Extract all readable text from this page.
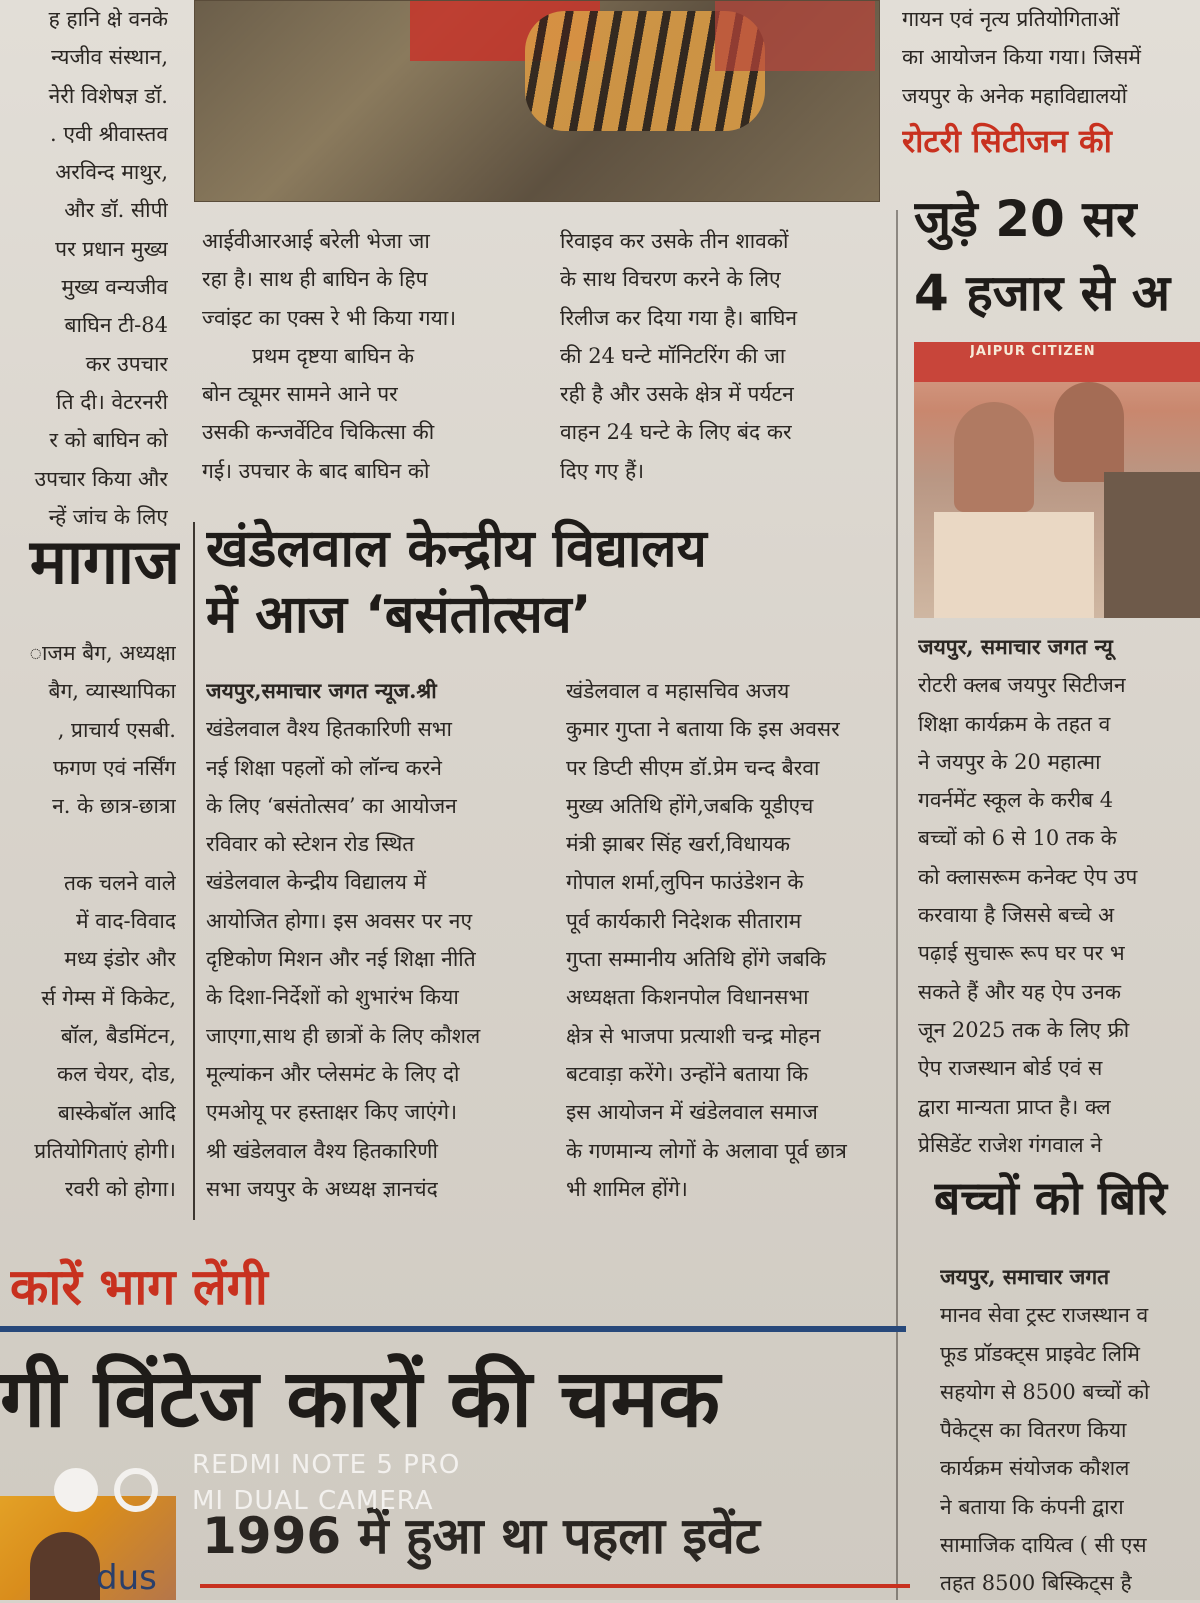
ह हानि क्षे वनके
न्यजीव संस्थान,
नेरी विशेषज्ञ डॉ.
. एवी श्रीवास्तव
अरविन्द माथुर,
और डॉ. सीपी
पर प्रधान मुख्य
मुख्य वन्यजीव
बाघिन टी-84
कर उपचार
ति दी। वेटरनरी
र को बाघिन को
उपचार किया और
न्हें जांच के लिए
आईवीआरआई बरेली भेजा जा
रहा है। साथ ही बाघिन के हिप
ज्वांइट का एक्स रे भी किया गया।
प्रथम दृष्टया बाघिन के
बोन ट्यूमर सामने आने पर
उसकी कन्जर्वेटिव चिकित्सा की
गई। उपचार के बाद बाघिन को
रिवाइव कर उसके तीन शावकों
के साथ विचरण करने के लिए
रिलीज कर दिया गया है। बाघिन
की 24 घन्टे मॉनिटरिंग की जा
रही है और उसके क्षेत्र में पर्यटन
वाहन 24 घन्टे के लिए बंद कर
दिए गए हैं।
मागाज
ाजम बैग, अध्यक्षा
बैग, व्यास्थापिका
, प्राचार्य एसबी.
फगण एवं नर्सिंग
न. के छात्र-छात्रा
तक चलने वाले
में वाद-विवाद
मध्य इंडोर और
र्स गेम्स में किकेट,
बॉल, बैडमिंटन,
कल चेयर, दोड,
बास्केबॉल आदि
प्रतियोगिताएं होगी।
रवरी को होगा।
खंडेलवाल केन्द्रीय विद्यालय
में आज ‘बसंतोत्सव’
जयपुर,समाचार जगत न्यूज.श्री
खंडेलवाल वैश्य हितकारिणी सभा
नई शिक्षा पहलों को लॉन्च करने
के लिए ‘बसंतोत्सव’ का आयोजन
रविवार को स्टेशन रोड स्थित
खंडेलवाल केन्द्रीय विद्यालय में
आयोजित होगा। इस अवसर पर नए
दृष्टिकोण मिशन और नई शिक्षा नीति
के दिशा-निर्देशों को शुभारंभ किया
जाएगा,साथ ही छात्रों के लिए कौशल
मूल्यांकन और प्लेसमंट के लिए दो
एमओयू पर हस्ताक्षर किए जाएंगे।
श्री खंडेलवाल वैश्य हितकारिणी
सभा जयपुर के अध्यक्ष ज्ञानचंद
खंडेलवाल व महासचिव अजय
कुमार गुप्ता ने बताया कि इस अवसर
पर डिप्टी सीएम डॉ.प्रेम चन्द बैरवा
मुख्य अतिथि होंगे,जबकि यूडीएच
मंत्री झाबर सिंह खर्रा,विधायक
गोपाल शर्मा,लुपिन फाउंडेशन के
पूर्व कार्यकारी निदेशक सीताराम
गुप्ता सम्मानीय अतिथि होंगे जबकि
अध्यक्षता किशनपोल विधानसभा
क्षेत्र से भाजपा प्रत्याशी चन्द्र मोहन
बटवाड़ा करेंगे। उन्होंने बताया कि
इस आयोजन में खंडेलवाल समाज
के गणमान्य लोगों के अलावा पूर्व छात्र
भी शामिल होंगे।
गायन एवं नृत्य प्रतियोगिताओं
का आयोजन किया गया। जिसमें
जयपुर के अनेक महाविद्यालयों
रोटरी सिटीजन की
जुड़े 20 सर
4 हजार से अ
JAIPUR CITIZEN
जयपुर, समाचार जगत न्यू
रोटरी क्लब जयपुर सिटीजन
शिक्षा कार्यक्रम के तहत व
ने जयपुर के 20 महात्मा
गवर्नमेंट स्कूल के करीब 4
बच्चों को 6 से 10 तक के
को क्लासरूम कनेक्ट ऐप उप
करवाया है जिससे बच्चे अ
पढ़ाई सुचारू रूप घर पर भ
सकते हैं और यह ऐप उनक
जून 2025 तक के लिए फ्री
ऐप राजस्थान बोर्ड एवं स
द्वारा मान्यता प्राप्त है। क्ल
प्रेसिडेंट राजेश गंगवाल ने
बच्चों को बिरि
जयपुर, समाचार जगत
मानव सेवा ट्रस्ट राजस्थान व
फूड प्रॉडक्ट्स प्राइवेट लिमि
सहयोग से 8500 बच्चों को
पैकेट्स का वितरण किया
कार्यक्रम संयोजक कौशल
ने बताया कि कंपनी द्वारा
सामाजिक दायित्व ( सी एस
तहत 8500 बिस्किट्स है
कारें भाग लेंगी
गी विंटेज कारों की चमक
dus
1996 में हुआ था पहला इवेंट
REDMI NOTE 5 PRO
MI DUAL CAMERA
